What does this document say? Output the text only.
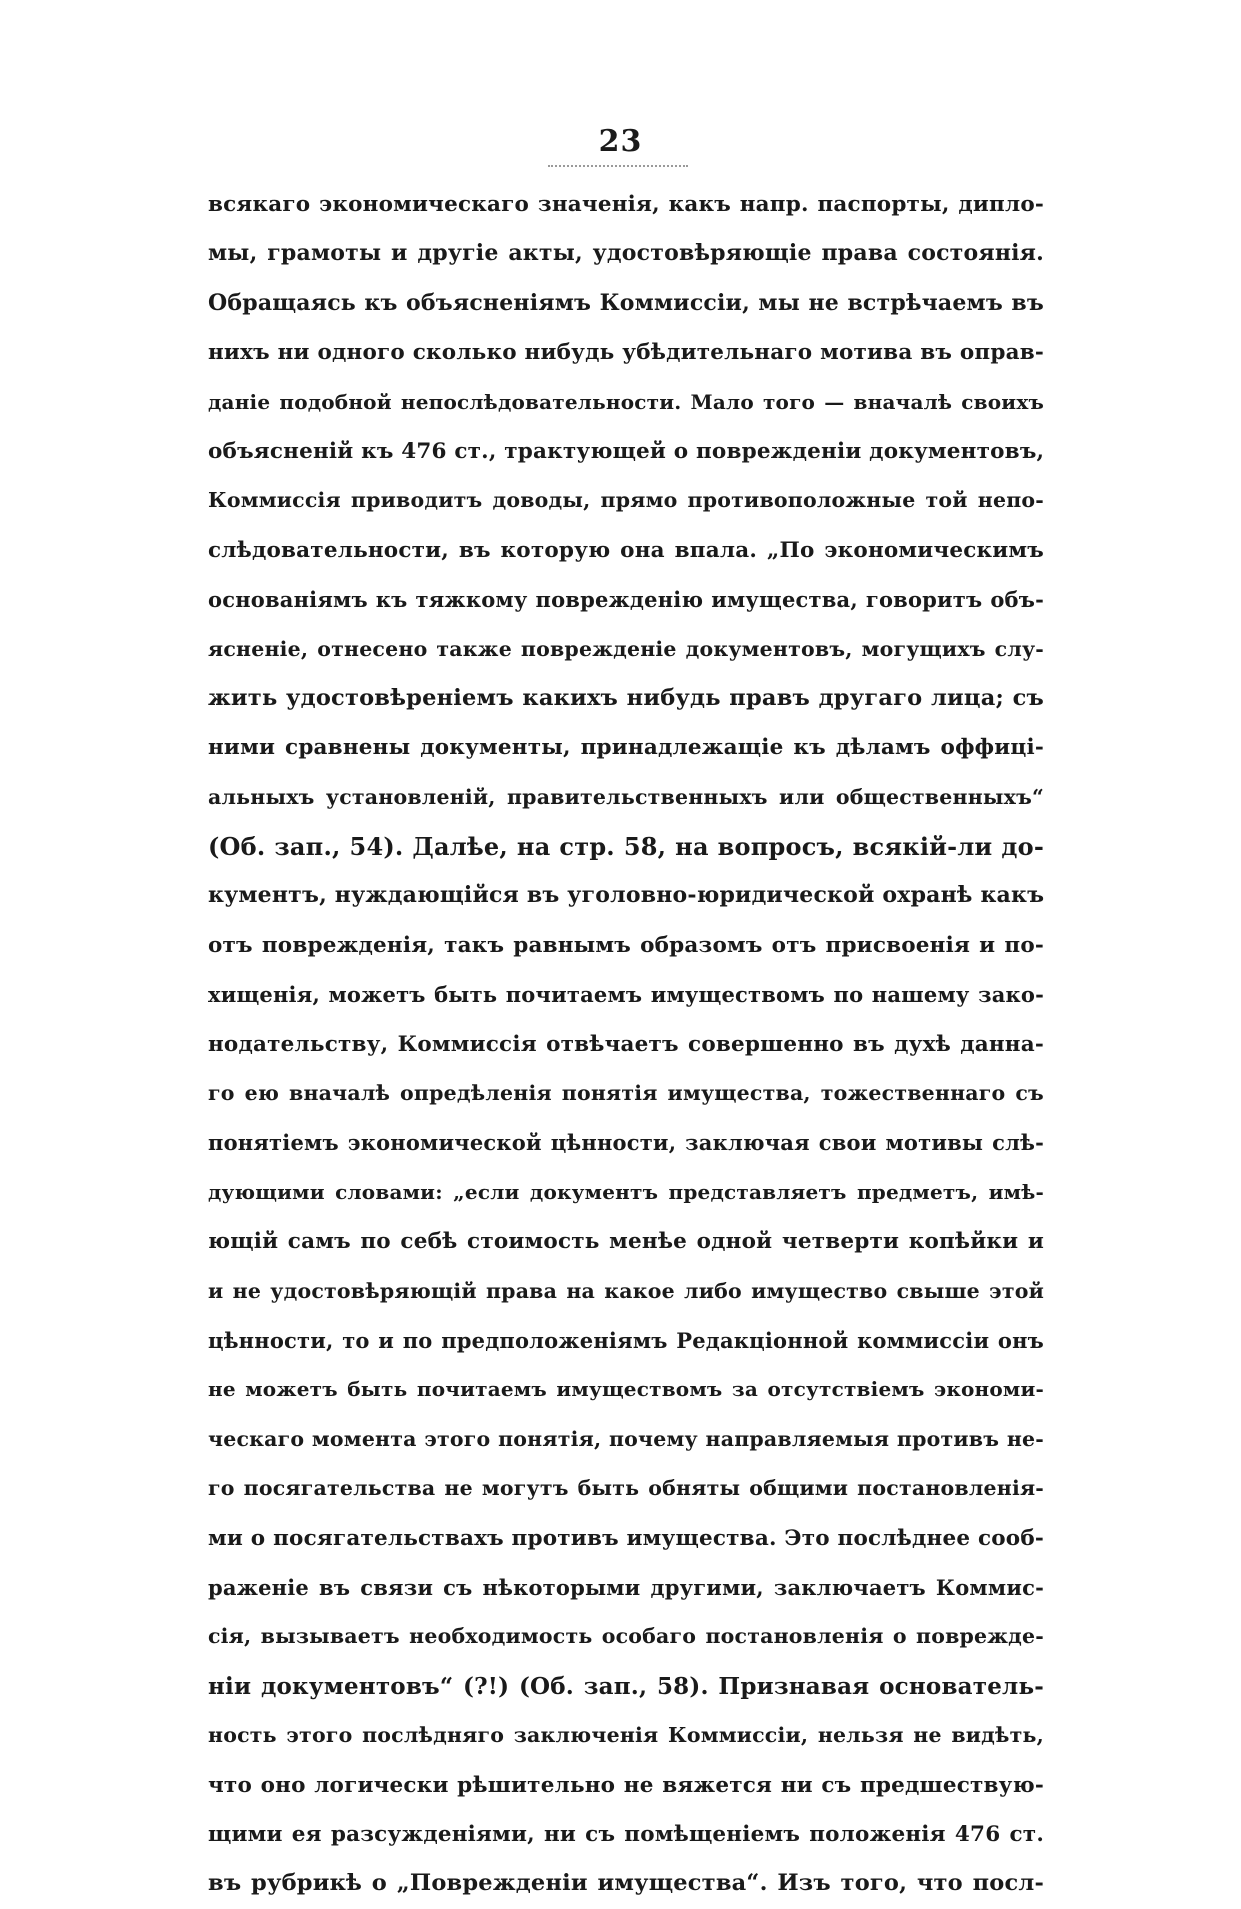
23
всякаго экономическаго значенія, какъ напр. паспорты, дипло-
мы, грамоты и другіе акты, удостовѣряющіе права состоянія.
Обращаясь къ объясненіямъ Коммиссіи, мы не встрѣчаемъ въ
нихъ ни одного сколько нибудь убѣдительнаго мотива въ оправ-
даніе подобной непослѣдовательности. Мало того — вначалѣ своихъ
объясненій къ 476 ст., трактующей о поврежденіи документовъ,
Коммиссія приводитъ доводы, прямо противоположные той непо-
слѣдовательности, въ которую она впала. „По экономическимъ
основаніямъ къ тяжкому поврежденію имущества, говоритъ объ-
ясненіе, отнесено также поврежденіе документовъ, могущихъ слу-
жить удостовѣреніемъ какихъ нибудь правъ другаго лица; съ
ними сравнены документы, принадлежащіе къ дѣламъ оффиці-
альныхъ установленій, правительственныхъ или общественныхъ“
(Об. зап., 54). Далѣе, на стр. 58, на вопросъ, всякій-ли до-
кументъ, нуждающійся въ уголовно-юридической охранѣ какъ
отъ поврежденія, такъ равнымъ образомъ отъ присвоенія и по-
хищенія, можетъ быть почитаемъ имуществомъ по нашему зако-
нодательству, Коммиссія отвѣчаетъ совершенно въ духѣ данна-
го ею вначалѣ опредѣленія понятія имущества, тожественнаго съ
понятіемъ экономической цѣнности, заключая свои мотивы слѣ-
дующими словами: „если документъ представляетъ предметъ, имѣ-
ющій самъ по себѣ стоимость менѣе одной четверти копѣйки и
и не удостовѣряющій права на какое либо имущество свыше этой
цѣнности, то и по предположеніямъ Редакціонной коммиссіи онъ
не можетъ быть почитаемъ имуществомъ за отсутствіемъ экономи-
ческаго момента этого понятія, почему направляемыя противъ не-
го посягательства не могутъ быть обняты общими постановленія-
ми о посягательствахъ противъ имущества. Это послѣднее сооб-
раженіе въ связи съ нѣкоторыми другими, заключаетъ Коммис-
сія, вызываетъ необходимость особаго постановленія о поврежде-
ніи документовъ“ (?!) (Об. зап., 58). Признавая основатель-
ность этого послѣдняго заключенія Коммиссіи, нельзя не видѣть,
что оно логически рѣшительно не вяжется ни съ предшествую-
щими ея разсужденіями, ни съ помѣщеніемъ положенія 476 ст.
въ рубрикѣ о „Поврежденіи имущества“. Изъ того, что посл-
